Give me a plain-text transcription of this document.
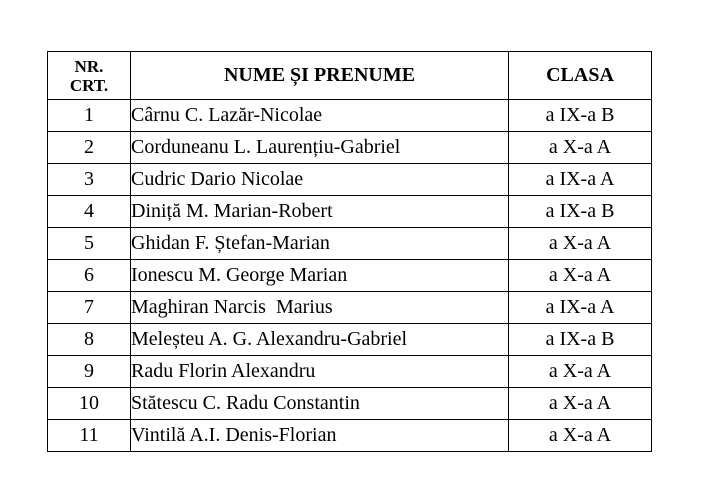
NR.
CRT.	NUME ȘI PRENUME	CLASA
1	Cârnu C. Lazăr-Nicolae	a IX-a B
2	Corduneanu L. Laurențiu-Gabriel	a X-a A
3	Cudric Dario Nicolae	a IX-a A
4	Diniță M. Marian-Robert	a IX-a B
5	Ghidan F. Ștefan-Marian	a X-a A
6	Ionescu M. George Marian	a X-a A
7	Maghiran Narcis  Marius	a IX-a A
8	Meleșteu A. G. Alexandru-Gabriel	a IX-a B
9	Radu Florin Alexandru	a X-a A
10	Stătescu C. Radu Constantin	a X-a A
11	Vintilă A.I. Denis-Florian	a X-a A
